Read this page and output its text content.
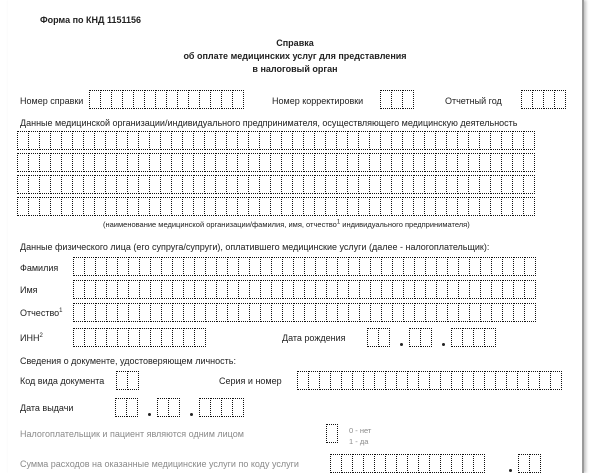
Форма по КНД 1151156
Справка
об оплате медицинских услуг для представления
в налоговый орган
Номер справки	Номер корректировки	Отчетный год
Данные медицинской организации/индивидуального предпринимателя, осуществляющего медицинскую деятельность
(наименование медицинской организации/фамилия, имя, отчество$^1$ индивидуального предпринимателя)
Данные физического лица (его супруга/супруги), оплатившего медицинские услуги (далее - налогоплательщик):
Фамилия
Имя
Отчество$^1$
ИНН$^2$	Дата рождения
Сведения о документе, удостоверяющем личность:
Код вида документа	Серия и номер
Дата выдачи
Налогоплательщик и пациент являются одним лицом	0 - нет
1 - да
Сумма расходов на оказанные медицинские услуги по коду услуги
